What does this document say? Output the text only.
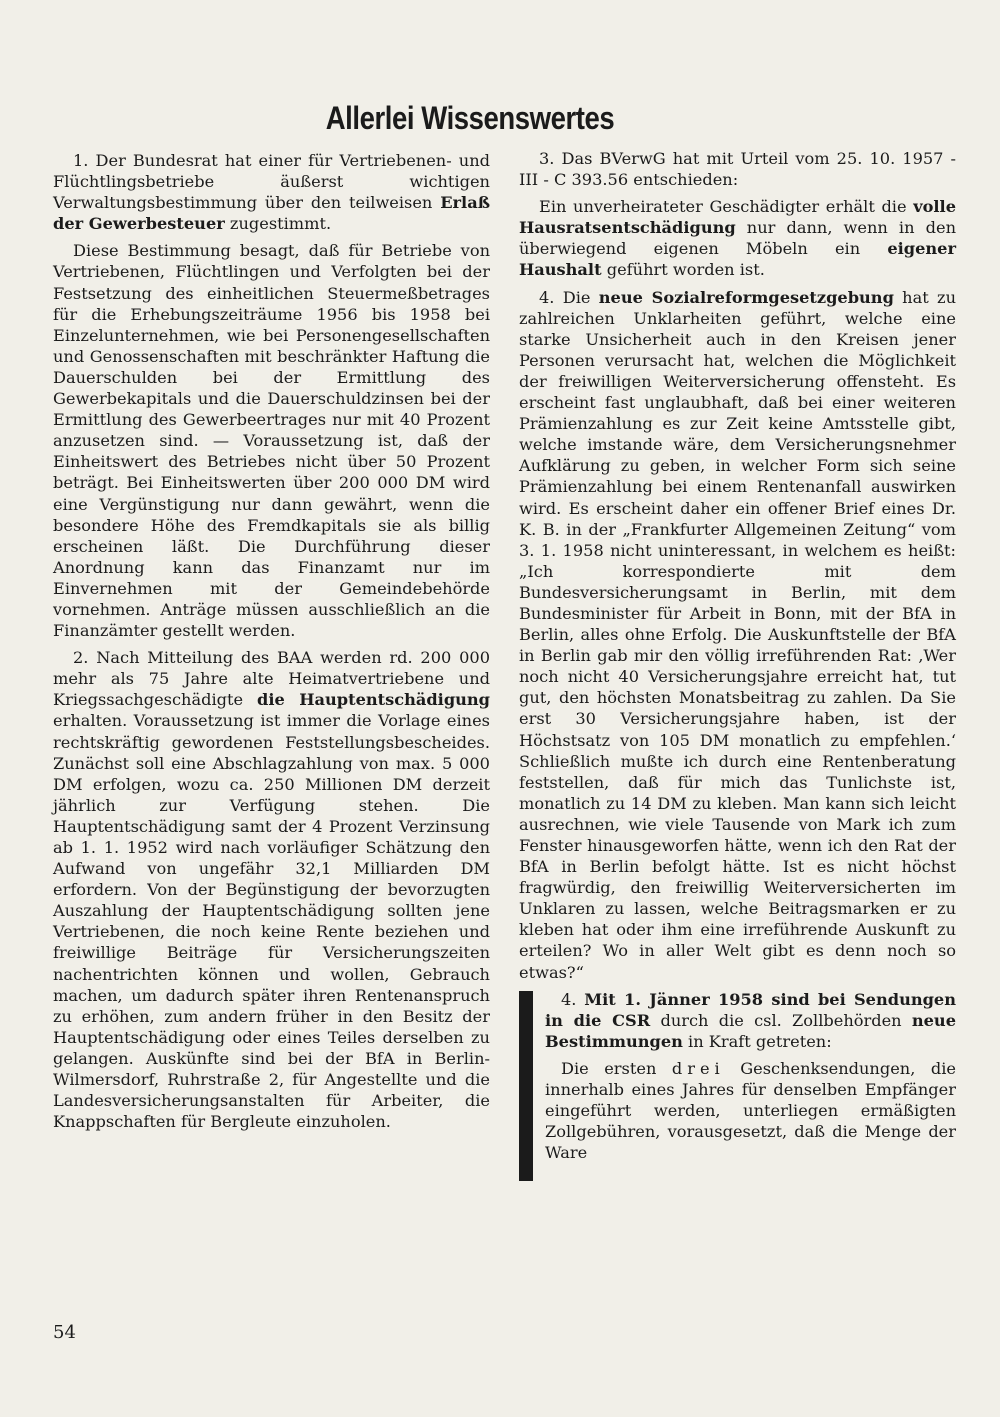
Allerlei Wissenswertes

1. Der Bundesrat hat einer für Vertriebenen- und Flüchtlingsbetriebe äußerst wichtigen Verwaltungsbestimmung über den teilweisen Erlaß der Gewerbesteuer zugestimmt.

Diese Bestimmung besagt, daß für Betriebe von Vertriebenen, Flüchtlingen und Verfolgten bei der Festsetzung des einheitlichen Steuermeßbetrages für die Erhebungszeiträume 1956 bis 1958 bei Einzelunternehmen, wie bei Personengesellschaften und Genossenschaften mit beschränkter Haftung die Dauerschulden bei der Ermittlung des Gewerbekapitals und die Dauerschuldzinsen bei der Ermittlung des Gewerbeertrages nur mit 40 Prozent anzusetzen sind. — Voraussetzung ist, daß der Einheitswert des Betriebes nicht über 50 Prozent beträgt. Bei Einheitswerten über 200 000 DM wird eine Vergünstigung nur dann gewährt, wenn die besondere Höhe des Fremdkapitals sie als billig erscheinen läßt. Die Durchführung dieser Anordnung kann das Finanzamt nur im Einvernehmen mit der Gemeindebehörde vornehmen. Anträge müssen ausschließlich an die Finanzämter gestellt werden.

2. Nach Mitteilung des BAA werden rd. 200 000 mehr als 75 Jahre alte Heimatvertriebene und Kriegssachgeschädigte die Hauptentschädigung erhalten. Voraussetzung ist immer die Vorlage eines rechtskräftig gewordenen Feststellungsbescheides. Zunächst soll eine Abschlagzahlung von max. 5 000 DM erfolgen, wozu ca. 250 Millionen DM derzeit jährlich zur Verfügung stehen. Die Hauptentschädigung samt der 4 Prozent Verzinsung ab 1. 1. 1952 wird nach vorläufiger Schätzung den Aufwand von ungefähr 32,1 Milliarden DM erfordern. Von der Begünstigung der bevorzugten Auszahlung der Hauptentschädigung sollten jene Vertriebenen, die noch keine Rente beziehen und freiwillige Beiträge für Versicherungszeiten nachentrichten können und wollen, Gebrauch machen, um dadurch später ihren Rentenanspruch zu erhöhen, zum andern früher in den Besitz der Hauptentschädigung oder eines Teiles derselben zu gelangen. Auskünfte sind bei der BfA in Berlin-Wilmersdorf, Ruhrstraße 2, für Angestellte und die Landesversicherungsanstalten für Arbeiter, die Knappschaften für Bergleute einzuholen.

3. Das BVerwG hat mit Urteil vom 25. 10. 1957 - III - C 393.56 entschieden:

Ein unverheirateter Geschädigter erhält die volle Hausratsentschädigung nur dann, wenn in den überwiegend eigenen Möbeln ein eigener Haushalt geführt worden ist.

4. Die neue Sozialreformgesetzgebung hat zu zahlreichen Unklarheiten geführt, welche eine starke Unsicherheit auch in den Kreisen jener Personen verursacht hat, welchen die Möglichkeit der freiwilligen Weiterversicherung offensteht. Es erscheint fast unglaubhaft, daß bei einer weiteren Prämienzahlung es zur Zeit keine Amtsstelle gibt, welche imstande wäre, dem Versicherungsnehmer Aufklärung zu geben, in welcher Form sich seine Prämienzahlung bei einem Rentenanfall auswirken wird. Es erscheint daher ein offener Brief eines Dr. K. B. in der „Frankfurter Allgemeinen Zeitung“ vom 3. 1. 1958 nicht uninteressant, in welchem es heißt: „Ich korrespondierte mit dem Bundesversicherungsamt in Berlin, mit dem Bundesminister für Arbeit in Bonn, mit der BfA in Berlin, alles ohne Erfolg. Die Auskunftstelle der BfA in Berlin gab mir den völlig irreführenden Rat: ‚Wer noch nicht 40 Versicherungsjahre erreicht hat, tut gut, den höchsten Monatsbeitrag zu zahlen. Da Sie erst 30 Versicherungsjahre haben, ist der Höchstsatz von 105 DM monatlich zu empfehlen.‘ Schließlich mußte ich durch eine Rentenberatung feststellen, daß für mich das Tunlichste ist, monatlich zu 14 DM zu kleben. Man kann sich leicht ausrechnen, wie viele Tausende von Mark ich zum Fenster hinausgeworfen hätte, wenn ich den Rat der BfA in Berlin befolgt hätte. Ist es nicht höchst fragwürdig, den freiwillig Weiterversicherten im Unklaren zu lassen, welche Beitragsmarken er zu kleben hat oder ihm eine irreführende Auskunft zu erteilen? Wo in aller Welt gibt es denn noch so etwas?“

4. Mit 1. Jänner 1958 sind bei Sendungen in die CSR durch die csl. Zollbehörden neue Bestimmungen in Kraft getreten:

Die ersten drei Geschenksendungen, die innerhalb eines Jahres für denselben Empfänger eingeführt werden, unterliegen ermäßigten Zollgebühren, vorausgesetzt, daß die Menge der Ware

54
